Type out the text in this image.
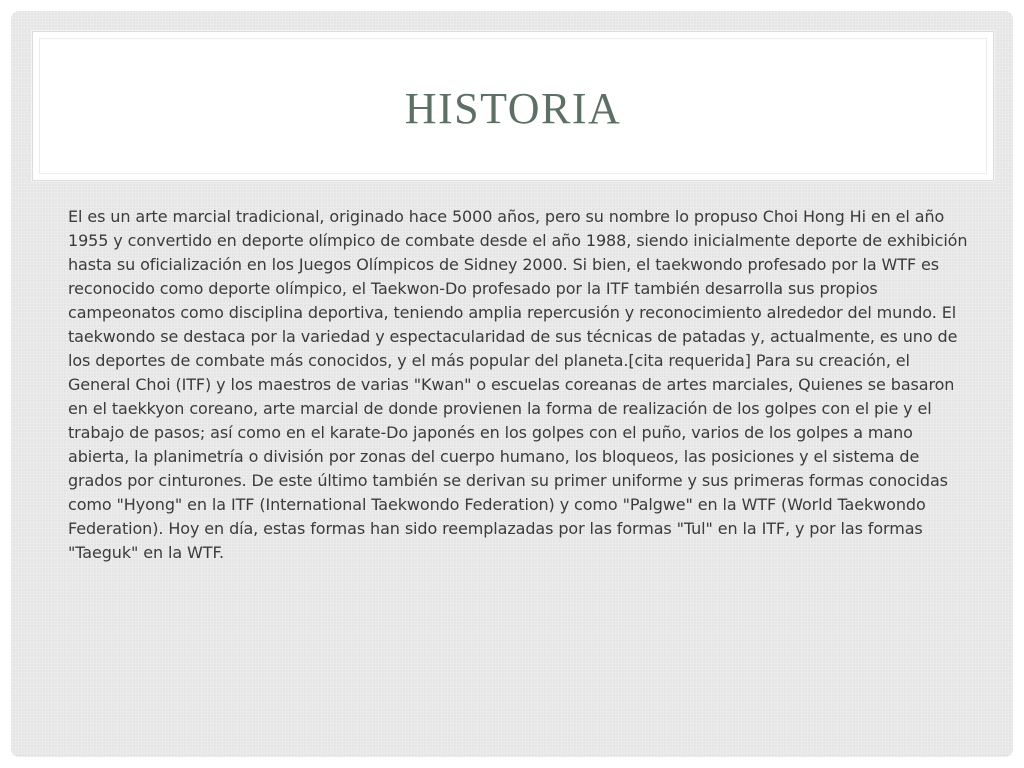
HISTORIA

El es un arte marcial tradicional, originado hace 5000 años, pero su nombre lo propuso Choi Hong Hi en el año 1955 y convertido en deporte olímpico de combate desde el año 1988, siendo inicialmente deporte de exhibición hasta su oficialización en los Juegos Olímpicos de Sidney 2000. Si bien, el taekwondo profesado por la WTF es reconocido como deporte olímpico, el Taekwon-Do profesado por la ITF también desarrolla sus propios campeonatos como disciplina deportiva, teniendo amplia repercusión y reconocimiento alrededor del mundo. El taekwondo se destaca por la variedad y espectacularidad de sus técnicas de patadas y, actualmente, es uno de los deportes de combate más conocidos, y el más popular del planeta.[cita requerida] Para su creación, el General Choi (ITF) y los maestros de varias "Kwan" o escuelas coreanas de artes marciales, Quienes se basaron en el taekkyon coreano, arte marcial de donde provienen la forma de realización de los golpes con el pie y el trabajo de pasos; así como en el karate-Do japonés en los golpes con el puño, varios de los golpes a mano abierta, la planimetría o división por zonas del cuerpo humano, los bloqueos, las posiciones y el sistema de grados por cinturones. De este último también se derivan su primer uniforme y sus primeras formas conocidas como "Hyong" en la ITF (International Taekwondo Federation) y como "Palgwe" en la WTF (World Taekwondo Federation). Hoy en día, estas formas han sido reemplazadas por las formas "Tul" en la ITF, y por las formas "Taeguk" en la WTF.
